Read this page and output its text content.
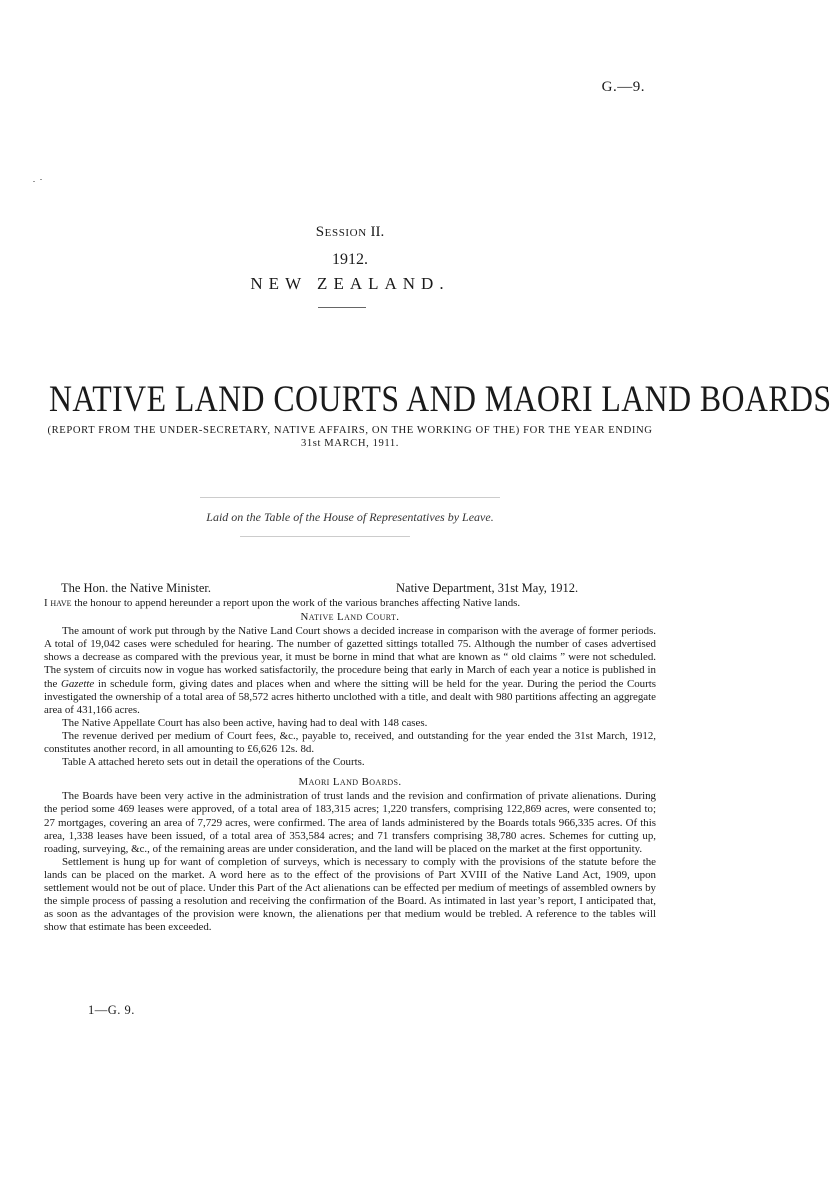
G.—9.
Session II.
1912.
NEW ZEALAND.
NATIVE LAND COURTS AND MAORI LAND BOARDS
(REPORT FROM THE UNDER-SECRETARY, NATIVE AFFAIRS, ON THE WORKING OF THE) FOR THE YEAR ENDING 31st MARCH, 1911.
Laid on the Table of the House of Representatives by Leave.
The Hon. the Native Minister.	Native Department, 31st May, 1912.

I have the honour to append hereunder a report upon the work of the various branches affecting Native lands.

Native Land Court.

The amount of work put through by the Native Land Court shows a decided increase in comparison with the average of former periods. A total of 19,042 cases were scheduled for hearing. The number of gazetted sittings totalled 75. Although the number of cases advertised shows a decrease as compared with the previous year, it must be borne in mind that what are known as “ old claims ” were not scheduled. The system of circuits now in vogue has worked satisfactorily, the procedure being that early in March of each year a notice is published in the Gazette in schedule form, giving dates and places when and where the sitting will be held for the year. During the period the Courts investigated the ownership of a total area of 58,572 acres hitherto unclothed with a title, and dealt with 980 partitions affecting an aggregate area of 431,166 acres.

The Native Appellate Court has also been active, having had to deal with 148 cases.

The revenue derived per medium of Court fees, &c., payable to, received, and outstanding for the year ended the 31st March, 1912, constitutes another record, in all amounting to £6,626 12s. 8d.

Table A attached hereto sets out in detail the operations of the Courts.

Maori Land Boards.

The Boards have been very active in the administration of trust lands and the revision and confirmation of private alienations. During the period some 469 leases were approved, of a total area of 183,315 acres; 1,220 transfers, comprising 122,869 acres, were consented to; 27 mortgages, covering an area of 7,729 acres, were confirmed. The area of lands administered by the Boards totals 966,335 acres. Of this area, 1,338 leases have been issued, of a total area of 353,584 acres; and 71 transfers comprising 38,780 acres. Schemes for cutting up, roading, surveying, &c., of the remaining areas are under consideration, and the land will be placed on the market at the first opportunity.

Settlement is hung up for want of completion of surveys, which is necessary to comply with the provisions of the statute before the lands can be placed on the market. A word here as to the effect of the provisions of Part XVIII of the Native Land Act, 1909, upon settlement would not be out of place. Under this Part of the Act alienations can be effected per medium of meetings of assembled owners by the simple process of passing a resolution and receiving the confirmation of the Board. As intimated in last year’s report, I anticipated that, as soon as the advantages of the provision were known, the alienations per that medium would be trebled. A reference to the tables will show that estimate has been exceeded.

1—G. 9.
